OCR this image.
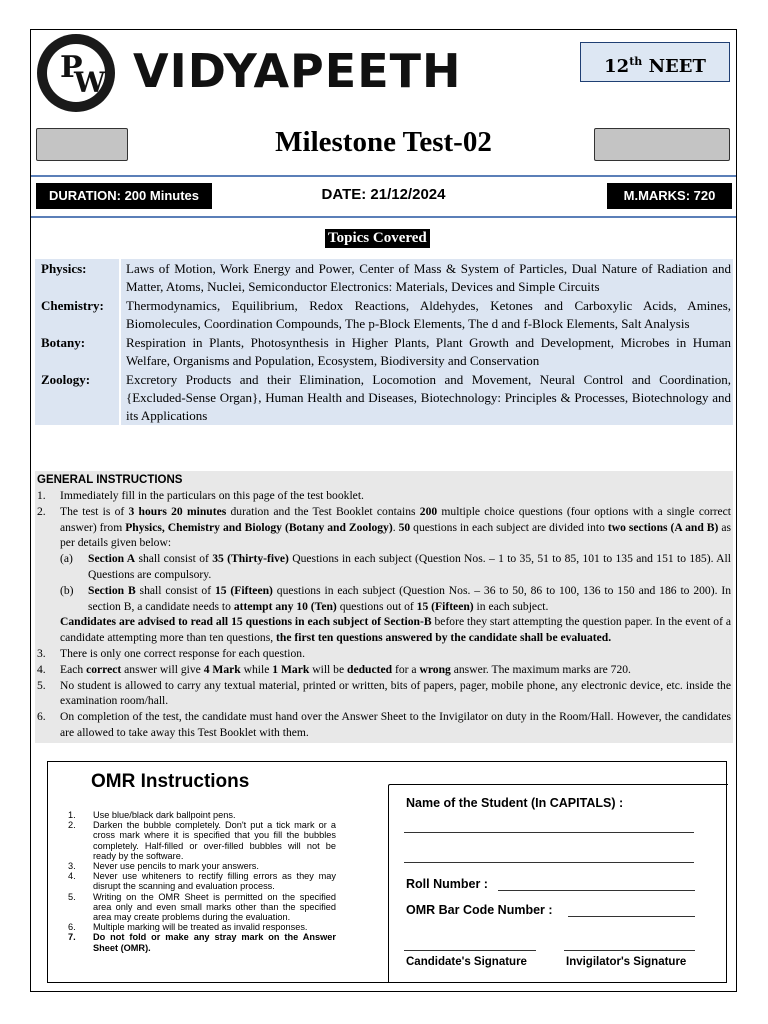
P
W VIDYAPEETH	12th NEET
Milestone Test-02
DURATION: 200 Minutes	DATE: 21/12/2024	M.MARKS: 720
Topics Covered
Physics:	Laws of Motion, Work Energy and Power, Center of Mass & System of Particles, Dual Nature of Radiation and Matter, Atoms, Nuclei, Semiconductor Electronics: Materials, Devices and Simple Circuits
Chemistry:	Thermodynamics, Equilibrium, Redox Reactions, Aldehydes, Ketones and Carboxylic Acids, Amines, Biomolecules, Coordination Compounds, The p-Block Elements, The d and f-Block Elements, Salt Analysis
Botany:	Respiration in Plants, Photosynthesis in Higher Plants, Plant Growth and Development, Microbes in Human Welfare, Organisms and Population, Ecosystem, Biodiversity and Conservation
Zoology:	Excretory Products and their Elimination, Locomotion and Movement, Neural Control and Coordination, {Excluded-Sense Organ}, Human Health and Diseases, Biotechnology: Principles & Processes, Biotechnology and its Applications
GENERAL INSTRUCTIONS
1.	Immediately fill in the particulars on this page of the test booklet.
2.	The test is of 3 hours 20 minutes duration and the Test Booklet contains 200 multiple choice questions (four options with a single correct answer) from Physics, Chemistry and Biology (Botany and Zoology). 50 questions in each subject are divided into two sections (A and B) as per details given below:
(a)	Section A shall consist of 35 (Thirty-five) Questions in each subject (Question Nos. – 1 to 35, 51 to 85, 101 to 135 and 151 to 185). All Questions are compulsory.
(b)	Section B shall consist of 15 (Fifteen) questions in each subject (Question Nos. – 36 to 50, 86 to 100, 136 to 150 and 186 to 200). In section B, a candidate needs to attempt any 10 (Ten) questions out of 15 (Fifteen) in each subject.
Candidates are advised to read all 15 questions in each subject of Section-B before they start attempting the question paper. In the event of a candidate attempting more than ten questions, the first ten questions answered by the candidate shall be evaluated.
3.	There is only one correct response for each question.
4.	Each correct answer will give 4 Mark while 1 Mark will be deducted for a wrong answer. The maximum marks are 720.
5.	No student is allowed to carry any textual material, printed or written, bits of papers, pager, mobile phone, any electronic device, etc. inside the examination room/hall.
6.	On completion of the test, the candidate must hand over the Answer Sheet to the Invigilator on duty in the Room/Hall. However, the candidates are allowed to take away this Test Booklet with them.
OMR Instructions
1.	Use blue/black dark ballpoint pens.
2.	Darken the bubble completely. Don't put a tick mark or a cross mark where it is specified that you fill the bubbles completely. Half-filled or over-filled bubbles will not be ready by the software.
3.	Never use pencils to mark your answers.
4.	Never use whiteners to rectify filling errors as they may disrupt the scanning and evaluation process.
5.	Writing on the OMR Sheet is permitted on the specified area only and even small marks other than the specified area may create problems during the evaluation.
6.	Multiple marking will be treated as invalid responses.
7.	Do not fold or make any stray mark on the Answer Sheet (OMR).
Name of the Student (In CAPITALS) :
Roll Number :
OMR Bar Code Number :
Candidate's Signature	Invigilator's Signature
